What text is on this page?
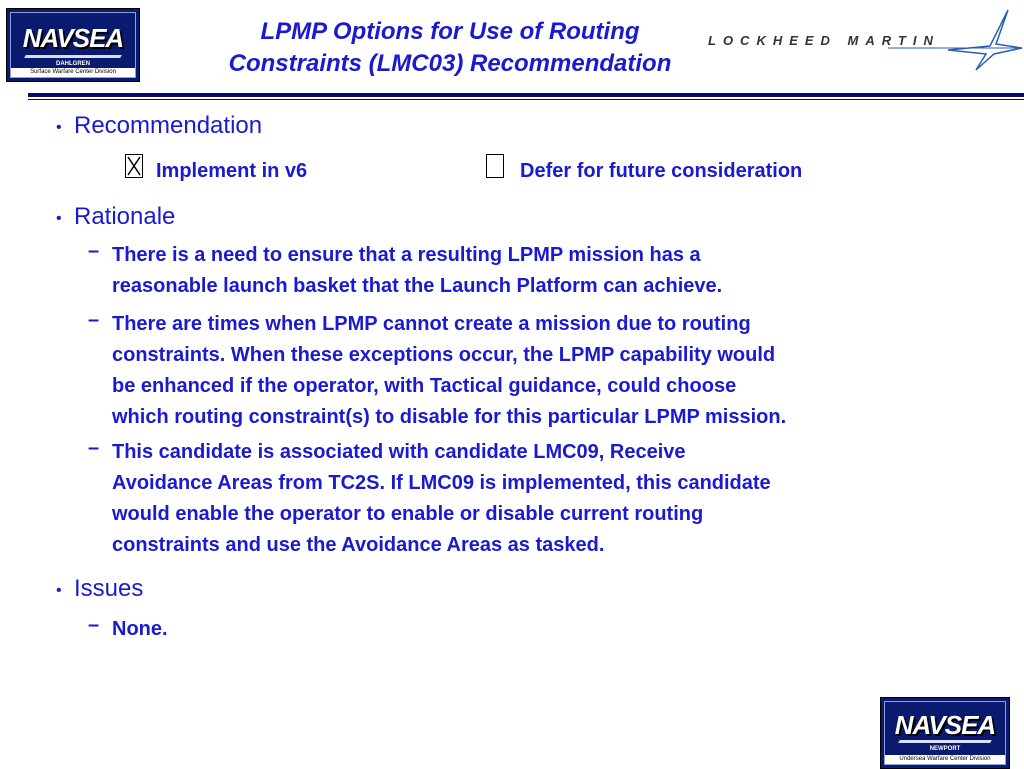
NAVSEA
DAHLGREN
Surface Warfare Center Division
LPMP Options for Use of Routing
Constraints (LMC03) Recommendation
LOCKHEED MARTIN
• Recommendation
Implement in v6	Defer for future consideration
• Rationale
– There is a need to ensure that a resulting LPMP mission has a
reasonable launch basket that the Launch Platform can achieve.
– There are times when LPMP cannot create a mission due to routing
constraints. When these exceptions occur, the LPMP capability would
be enhanced if the operator, with Tactical guidance, could choose
which routing constraint(s) to disable for this particular LPMP mission.
– This candidate is associated with candidate LMC09, Receive
Avoidance Areas from TC2S. If LMC09 is implemented, this candidate
would enable the operator to enable or disable current routing
constraints and use the Avoidance Areas as tasked.
• Issues
– None.
NAVSEA
NEWPORT
Undersea Warfare Center Division
